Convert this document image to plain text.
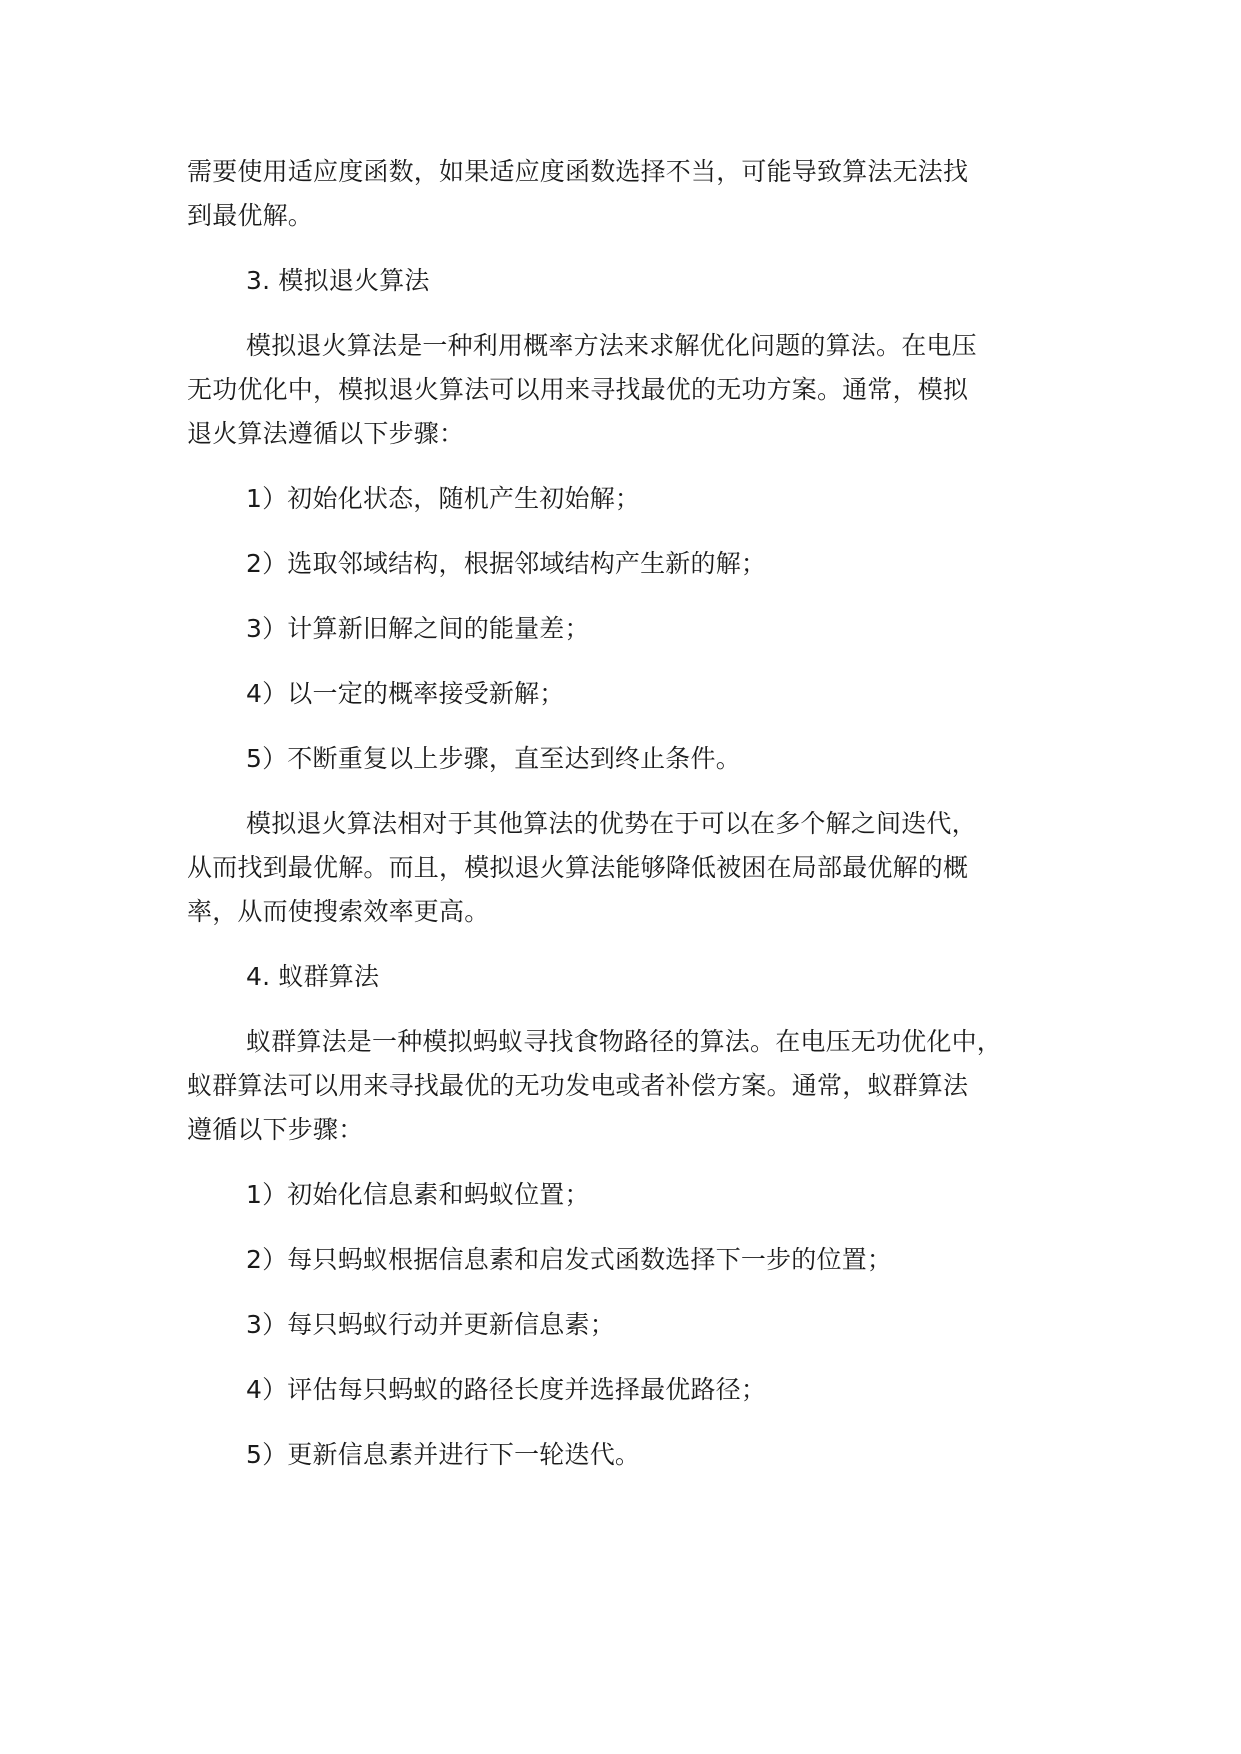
需要使用适应度函数，如果适应度函数选择不当，可能导致算法无法找
到最优解。
3. 模拟退火算法
模拟退火算法是一种利用概率方法来求解优化问题的算法。在电压
无功优化中，模拟退火算法可以用来寻找最优的无功方案。通常，模拟
退火算法遵循以下步骤：
1）初始化状态，随机产生初始解；
2）选取邻域结构，根据邻域结构产生新的解；
3）计算新旧解之间的能量差；
4）以一定的概率接受新解；
5）不断重复以上步骤，直至达到终止条件。
模拟退火算法相对于其他算法的优势在于可以在多个解之间迭代，
从而找到最优解。而且，模拟退火算法能够降低被困在局部最优解的概
率，从而使搜索效率更高。
4. 蚁群算法
蚁群算法是一种模拟蚂蚁寻找食物路径的算法。在电压无功优化中，
蚁群算法可以用来寻找最优的无功发电或者补偿方案。通常，蚁群算法
遵循以下步骤：
1）初始化信息素和蚂蚁位置；
2）每只蚂蚁根据信息素和启发式函数选择下一步的位置；
3）每只蚂蚁行动并更新信息素；
4）评估每只蚂蚁的路径长度并选择最优路径；
5）更新信息素并进行下一轮迭代。
